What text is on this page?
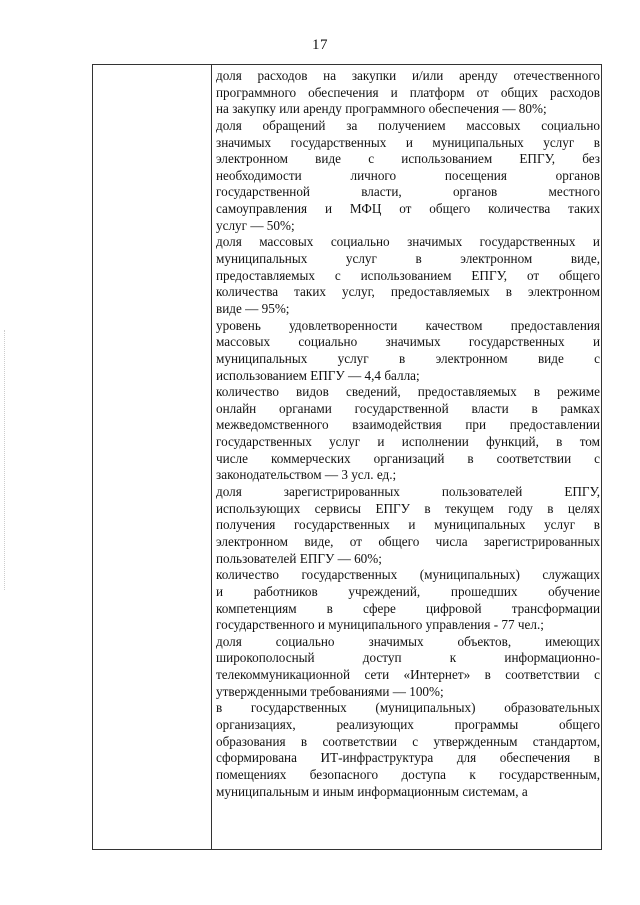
17
доля расходов на закупки и/или аренду отечественного
программного обеспечения и платформ от общих расходов
на закупку или аренду программного обеспечения — 80%;
доля обращений за получением массовых социально
значимых государственных и муниципальных услуг в
электронном виде с использованием ЕПГУ, без
необходимости личного посещения органов
государственной власти, органов местного
самоуправления и МФЦ от общего количества таких
услуг — 50%;
доля массовых социально значимых государственных и
муниципальных услуг в электронном виде,
предоставляемых с использованием ЕПГУ, от общего
количества таких услуг, предоставляемых в электронном
виде — 95%;
уровень удовлетворенности качеством предоставления
массовых социально значимых государственных и
муниципальных услуг в электронном виде с
использованием ЕПГУ — 4,4 балла;
количество видов сведений, предоставляемых в режиме
онлайн органами государственной власти в рамках
межведомственного взаимодействия при предоставлении
государственных услуг и исполнении функций, в том
числе коммерческих организаций в соответствии с
законодательством — 3 усл. ед.;
доля зарегистрированных пользователей ЕПГУ,
использующих сервисы ЕПГУ в текущем году в целях
получения государственных и муниципальных услуг в
электронном виде, от общего числа зарегистрированных
пользователей ЕПГУ — 60%;
количество государственных (муниципальных) служащих
и работников учреждений, прошедших обучение
компетенциям в сфере цифровой трансформации
государственного и муниципального управления - 77 чел.;
доля социально значимых объектов, имеющих
широкополосный доступ к информационно-
телекоммуникационной сети «Интернет» в соответствии с
утвержденными требованиями — 100%;
в государственных (муниципальных) образовательных
организациях, реализующих программы общего
образования в соответствии с утвержденным стандартом,
сформирована ИТ-инфраструктура для обеспечения в
помещениях безопасного доступа к государственным,
муниципальным и иным информационным системам, а
